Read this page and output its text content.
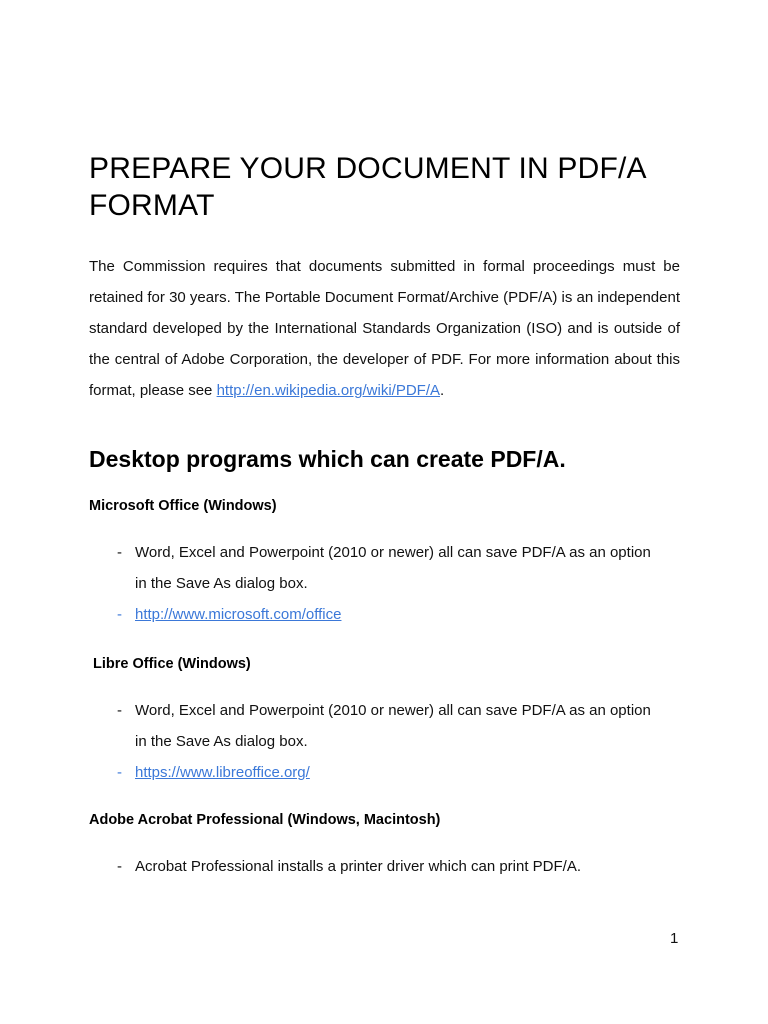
PREPARE YOUR DOCUMENT IN PDF/A FORMAT

The Commission requires that documents submitted in formal proceedings must be retained for 30 years. The Portable Document Format/Archive (PDF/A) is an independent standard developed by the International Standards Organization (ISO) and is outside of the central of Adobe Corporation, the developer of PDF. For more information about this format, please see http://en.wikipedia.org/wiki/PDF/A.

Desktop programs which can create PDF/A.
Microsoft Office (Windows)
- Word, Excel and Powerpoint (2010 or newer) all can save PDF/A as an option in the Save As dialog box.
- http://www.microsoft.com/office
Libre Office (Windows)
- Word, Excel and Powerpoint (2010 or newer) all can save PDF/A as an option in the Save As dialog box.
- https://www.libreoffice.org/
Adobe Acrobat Professional (Windows, Macintosh)
- Acrobat Professional installs a printer driver which can print PDF/A.
1
